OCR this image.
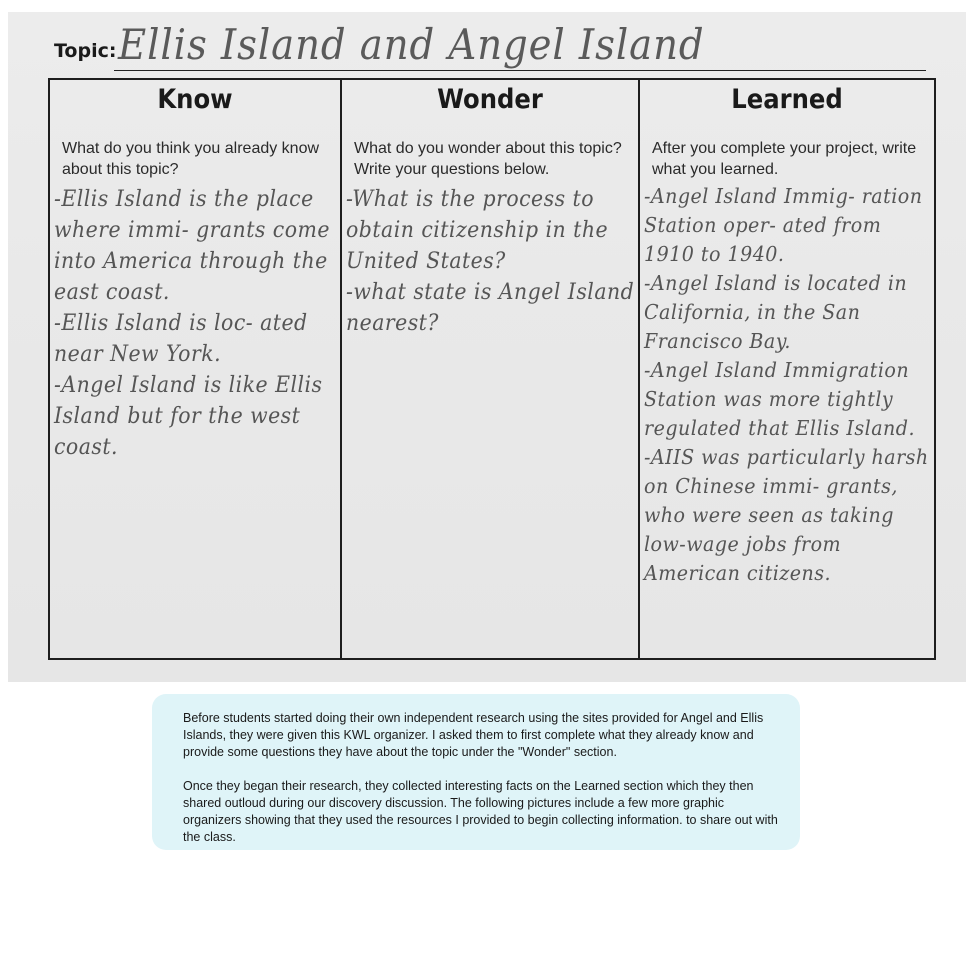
Topic: Ellis Island and Angel Island
Know
What do you think you already know about this topic?
-Ellis Island is the place where immi- grants come into America through the east coast.
-Ellis Island is loc- ated near New York.
-Angel Island is like Ellis Island but for the west coast.
Wonder
What do you wonder about this topic? Write your questions below.
-What is the process to obtain citizenship in the United States?
-what state is Angel Island nearest?
Learned
After you complete your project, write what you learned.
-Angel Island Immig- ration Station oper- ated from 1910 to 1940.
-Angel Island is located in California, in the San Francisco Bay.
-Angel Island Immigration Station was more tightly regulated that Ellis Island.
-AIIS was particularly harsh on Chinese immi- grants, who were seen as taking low-wage jobs from American citizens.

Before students started doing their own independent research using the sites provided for Angel and Ellis Islands, they were given this KWL organizer. I asked them to first complete what they already know and provide some questions they have about the topic under the "Wonder" section.

Once they began their research, they collected interesting facts on the Learned section which they then shared outloud during our discovery discussion. The following pictures include a few more graphic organizers showing that they used the resources I provided to begin collecting information. to share out with the class.
